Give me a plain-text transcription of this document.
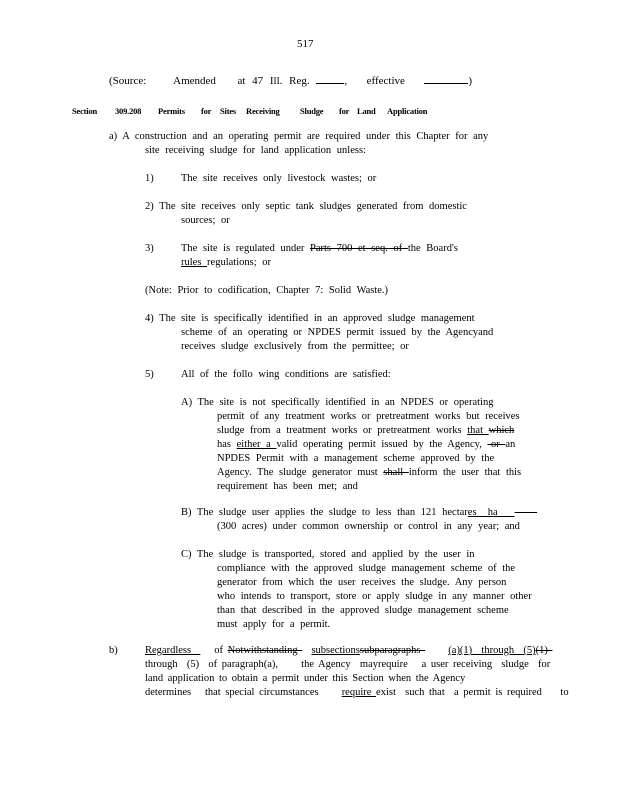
517
(Source: Amended at 47 Ill. Reg.	, effective	)
Section 309.208 Permits for Sites Receiving Sludge for Land Application
a) A construction and an operating permit are required under this Chapter for any
site receiving sludge for land application unless:
1)	The site receives only livestock wastes; or
2) The site receives only septic tank sludges generated from domestic
sources; or
3)	The site is regulated under Parts 700 et seq. of the Board's
rules regulations; or
(Note: Prior to codification, Chapter 7: Solid Waste.)
4) The site is specifically identified in an approved sludge management
scheme of an operating or NPDES permit issued by the Agencyand
receives sludge exclusively from the permittee; or
5)	All of the follo wing conditions are satisfied:
A) The site is not specifically identified in an NPDES or operating
permit of any treatment works or pretreatment works but receives
sludge from a treatment works or pretreatment works that which
has either a valid operating permit issued by the Agency, -or an
NPDES Permit with a management scheme approved by the
Agency. The sludge generator must shall inform the user that this
requirement has been met; and
B) The sludge user applies the sludge to less than 121 hectares  ha
(300 acres) under common ownership or control in any year; and
C) The sludge is transported, stored and applied by the user in
compliance with the approved sludge management scheme of the
generator from which the user receives the sludge. Any person
who intends to transport, store or apply sludge in any manner other
than that described in the approved sludge management scheme
must apply for a permit.
b)	Regardless     of Notwithstanding   subsectionssubparagraphs      (a)(1)  through  (5)(1)
through  (5)  of paragraph(a),     the Agency  mayrequire   a user receiving  sludge  for
land application to obtain a permit under this Section when the Agency
determines   that special circumstances     require exist  such that  a permit is required    to
